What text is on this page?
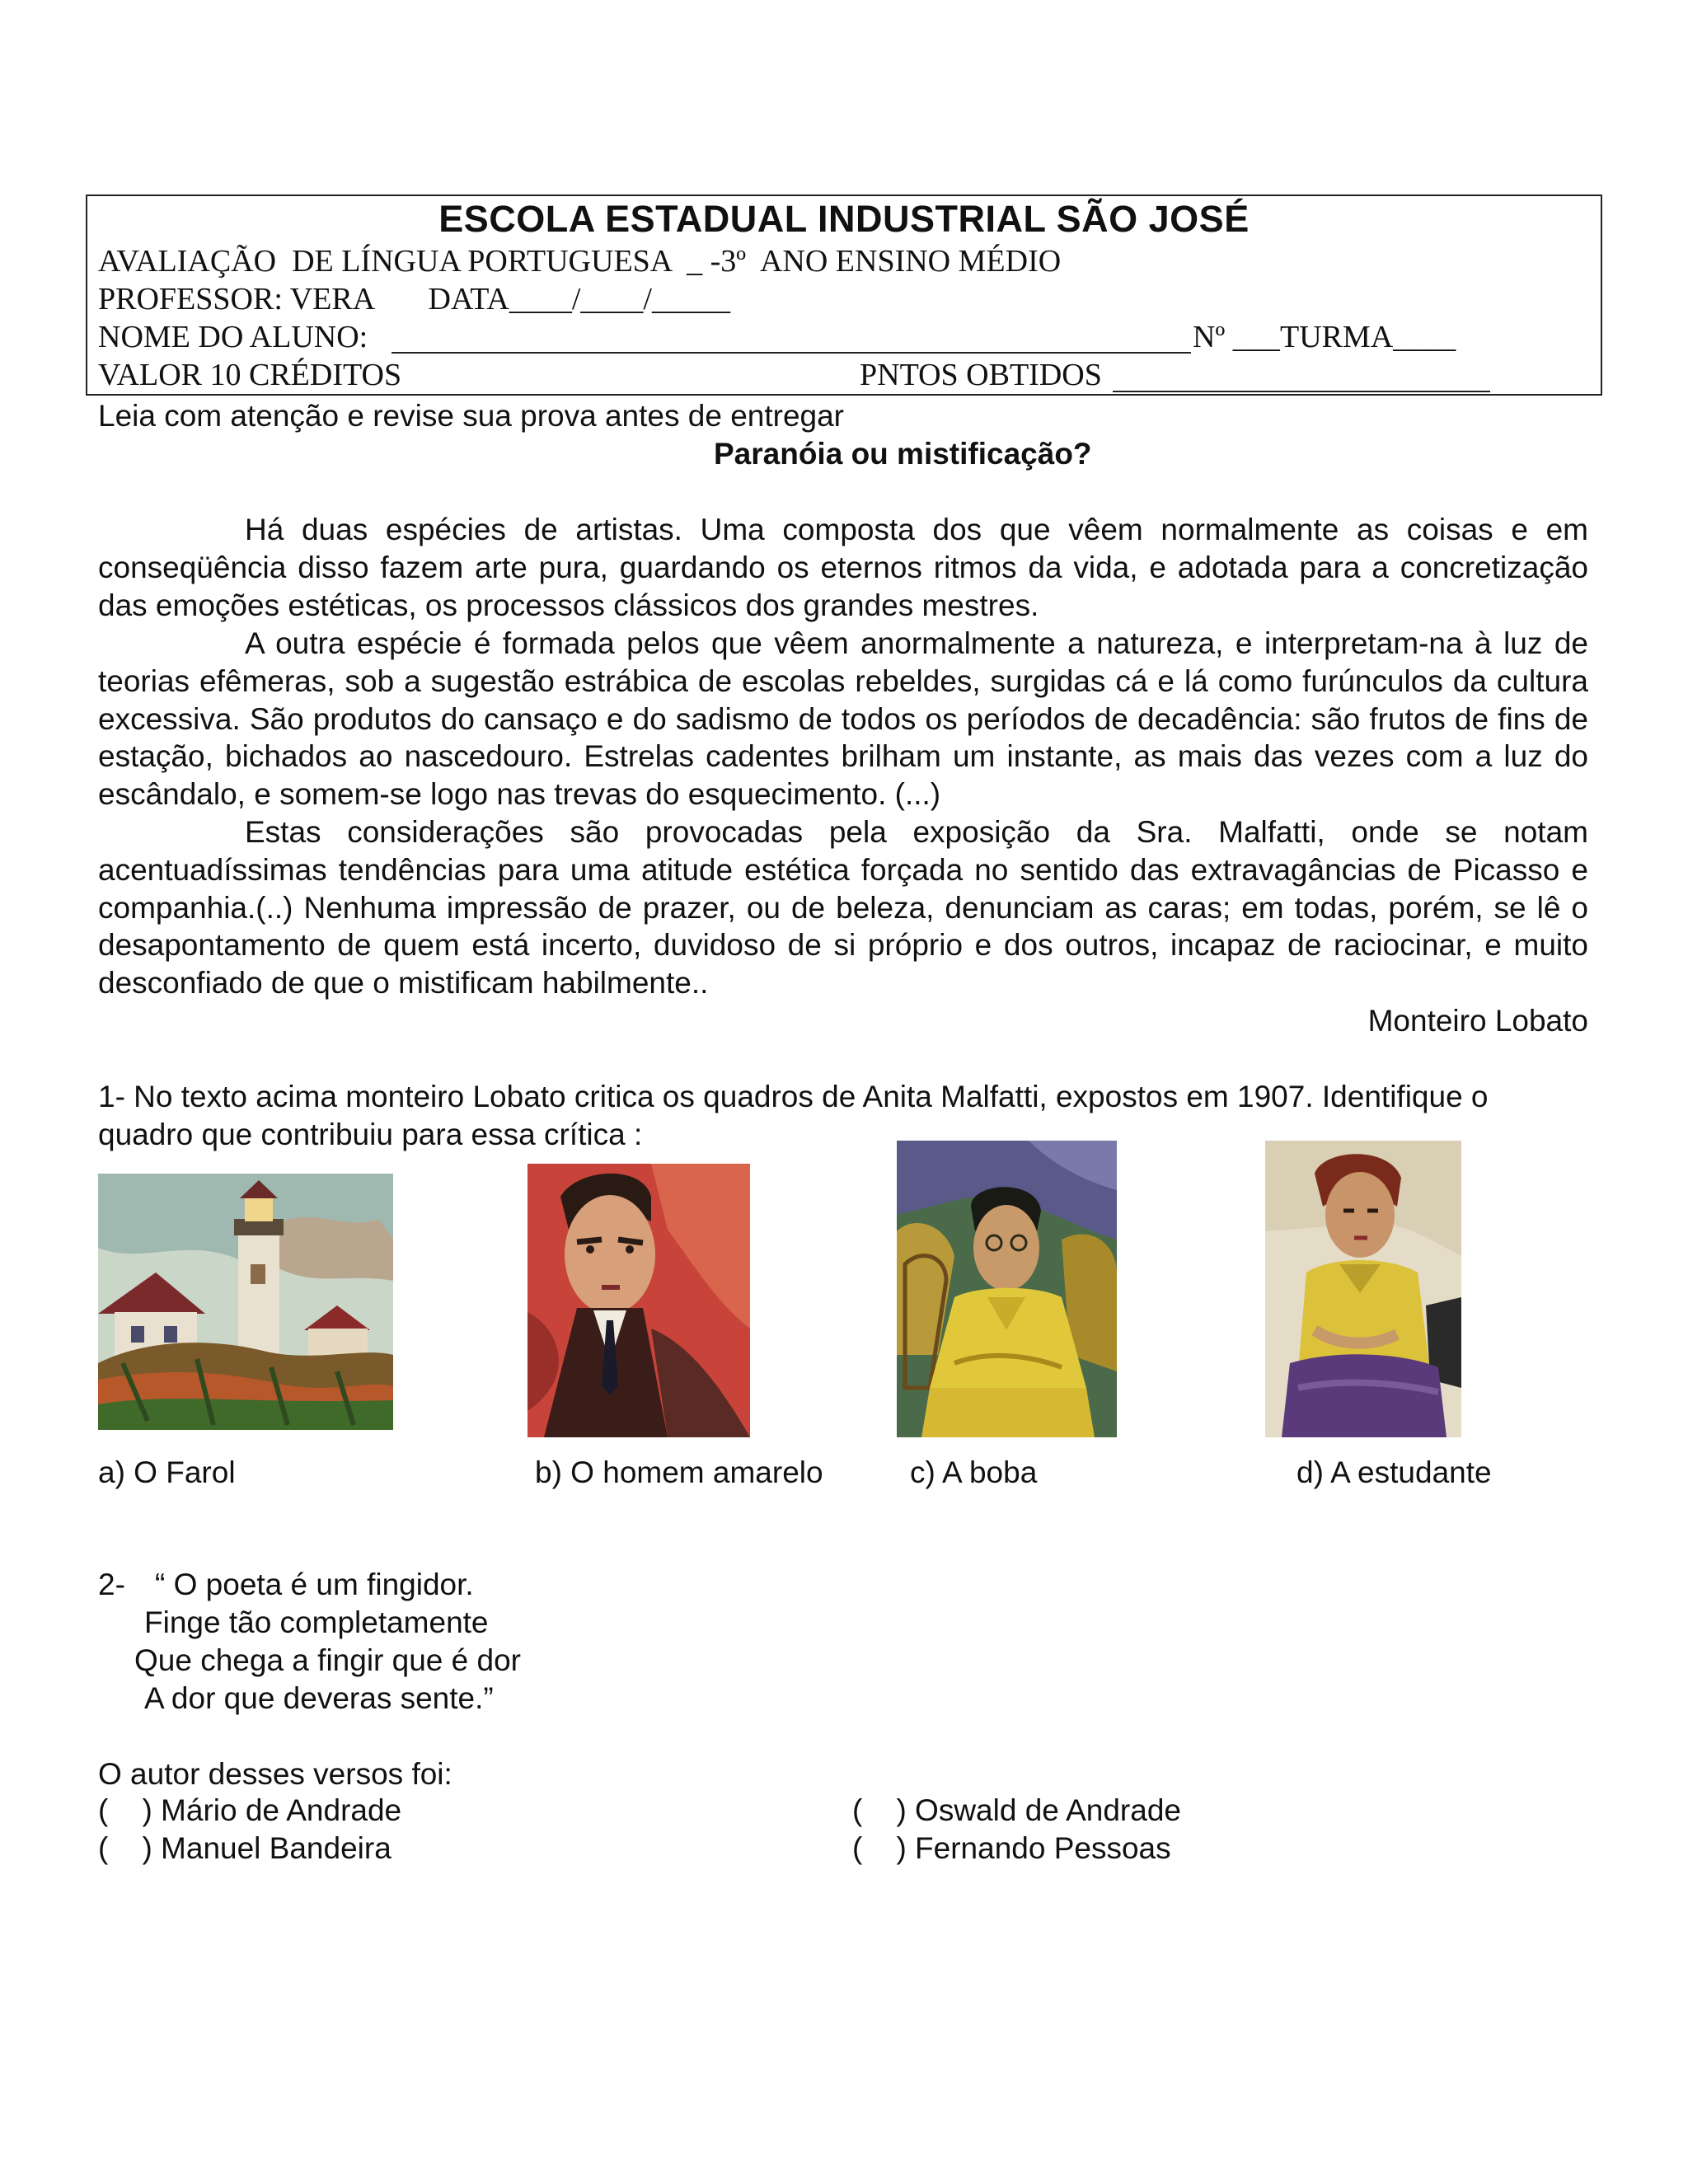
ESCOLA ESTADUAL INDUSTRIAL SÃO JOSÉ
AVALIAÇÃO  DE LÍNGUA PORTUGUESA  _ -3º  ANO ENSINO MÉDIO
PROFESSOR: VERA       DATA____/____/_____
NOME DO ALUNO:	Nº ___ TURMA____
VALOR 10 CRÉDITOS	PNTOS OBTIDOS
Leia com atenção e revise sua prova antes de entregar
Paranóia ou mistificação?
Há duas espécies de artistas. Uma composta dos que vêem normalmente as coisas e em conseqüência disso fazem arte pura, guardando os eternos ritmos da vida, e adotada para a concretização das emoções estéticas, os processos clássicos dos grandes mestres.
A outra espécie é formada pelos que vêem anormalmente a natureza, e interpretam-na à luz de teorias efêmeras, sob a sugestão estrábica de escolas rebeldes, surgidas cá e lá como furúnculos da cultura excessiva. São produtos do cansaço e do sadismo de todos os períodos de decadência: são frutos de fins de estação, bichados ao nascedouro. Estrelas cadentes brilham um instante, as mais das vezes com a luz do escândalo, e somem-se logo nas trevas do esquecimento. (...)
Estas considerações são provocadas pela exposição da Sra. Malfatti, onde se notam acentuadíssimas tendências para uma atitude estética forçada no sentido das extravagâncias de Picasso e companhia.(..) Nenhuma impressão de prazer, ou de beleza, denunciam as caras; em todas, porém, se lê o desapontamento de quem está incerto, duvidoso de si próprio e dos outros, incapaz de raciocinar, e muito desconfiado de que o mistificam habilmente..
Monteiro Lobato
1- No texto acima monteiro Lobato critica os quadros de Anita Malfatti, expostos em 1907. Identifique o
quadro que contribuiu para essa crítica :
a) O Farol	b) O homem amarelo	c) A boba	d) A estudante
2- “ O poeta é um fingidor.
Finge tão completamente
Que chega a fingir que é dor
A dor que deveras sente.”
O autor desses versos foi:
(    ) Mário de Andrade	(    ) Oswald de Andrade
(    ) Manuel Bandeira	(    ) Fernando Pessoas
